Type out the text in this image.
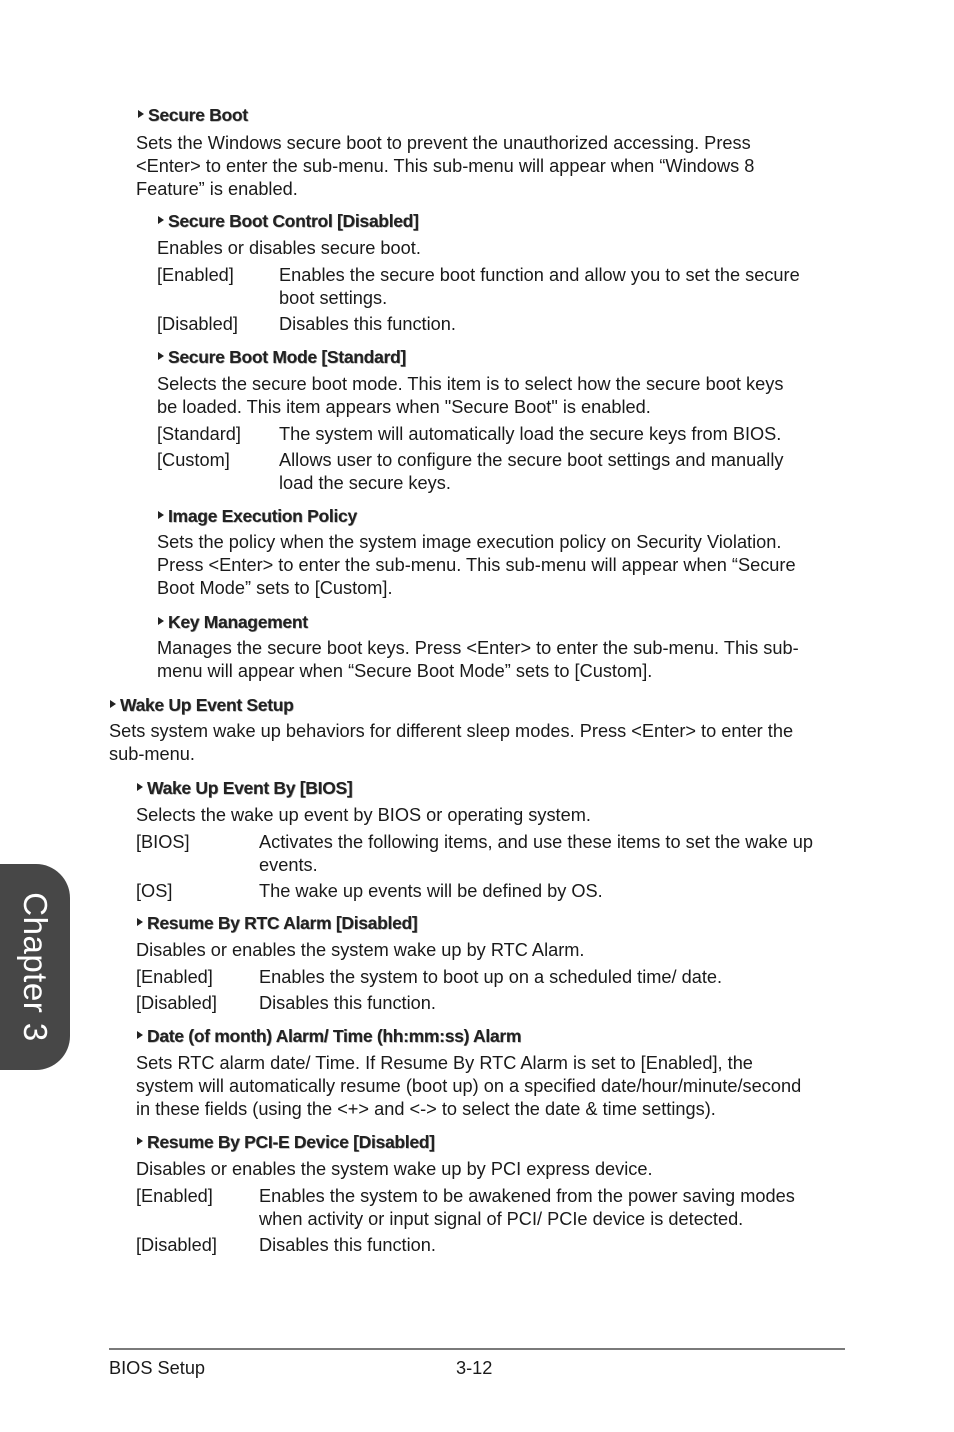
Secure Boot

Sets the Windows secure boot to prevent the unauthorized accessing. Press

<Enter> to enter the sub-menu. This sub-menu will appear when “Windows 8

Feature” is enabled.

Secure Boot Control [Disabled]

Enables or disables secure boot.

[Enabled]	Enables the secure boot function and allow you to set the secure
boot settings.
[Disabled]	Disables this function.
Secure Boot Mode [Standard]

Selects the secure boot mode. This item is to select how the secure boot keys

be loaded. This item appears when "Secure Boot" is enabled.

[Standard]	The system will automatically load the secure keys from BIOS.
[Custom]	Allows user to configure the secure boot settings and manually
load the secure keys.
Image Execution Policy

Sets the policy when the system image execution policy on Security Violation.

Press <Enter> to enter the sub-menu. This sub-menu will appear when “Secure

Boot Mode” sets to [Custom].

Key Management

Manages the secure boot keys. Press <Enter> to enter the sub-menu. This sub-

menu will appear when “Secure Boot Mode” sets to [Custom].

Wake Up Event Setup

Sets system wake up behaviors for different sleep modes. Press <Enter> to enter the

sub-menu.

Wake Up Event By [BIOS]

Selects the wake up event by BIOS or operating system.

[BIOS]	Activates the following items, and use these items to set the wake up
events.
[OS]	The wake up events will be defined by OS.
Resume By RTC Alarm [Disabled]

Disables or enables the system wake up by RTC Alarm.

[Enabled]	Enables the system to boot up on a scheduled time/ date.
[Disabled]	Disables this function.
Date (of month) Alarm/ Time (hh:mm:ss) Alarm

Sets RTC alarm date/ Time. If Resume By RTC Alarm is set to [Enabled], the

system will automatically resume (boot up) on a specified date/hour/minute/second

in these fields (using the <+> and <-> to select the date & time settings).

Resume By PCI-E Device [Disabled]

Disables or enables the system wake up by PCI express device.

[Enabled]	Enables the system to be awakened from the power saving modes
when activity or input signal of PCI/ PCIe device is detected.
[Disabled]	Disables this function.
Chapter 3
BIOS Setup	3-12
